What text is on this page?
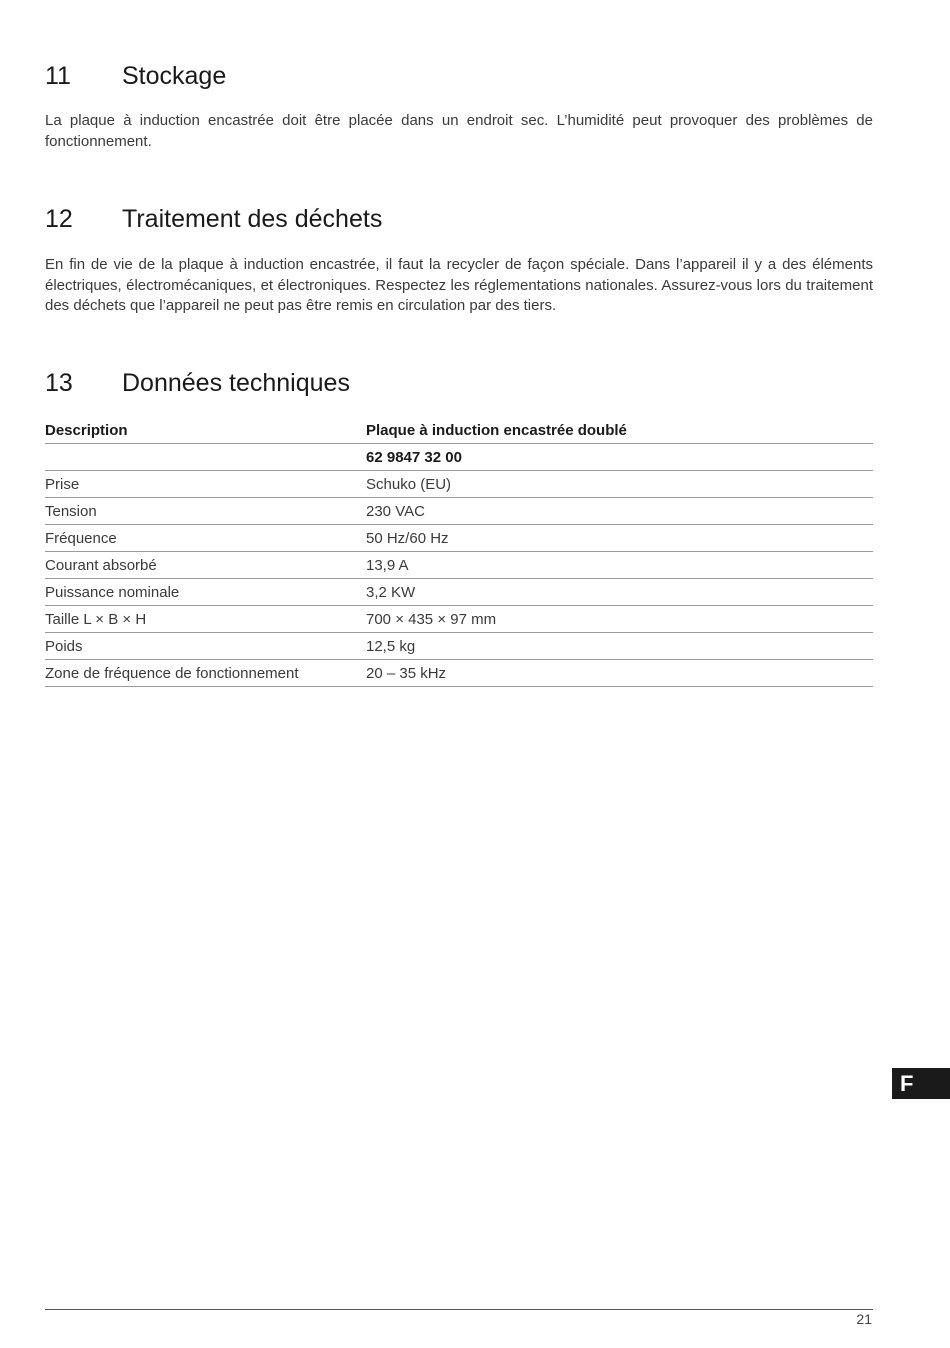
11	Stockage

La plaque à induction encastrée doit être placée dans un endroit sec. L’humidité peut provoquer des problèmes de fonctionnement.

12	Traitement des déchets

En fin de vie de la plaque à induction encastrée, il faut la recycler de façon spéciale. Dans l’appareil il y a des éléments électriques, électromécaniques, et électroniques. Respectez les réglementations nationales. Assurez-vous lors du traitement des déchets que l’appareil ne peut pas être remis en circulation par des tiers.

13	Données techniques
Description	Plaque à induction encastrée doublé
	62 9847 32 00
Prise	Schuko (EU)
Tension	230 VAC
Fréquence	50 Hz/60 Hz
Courant absorbé	13,9 A
Puissance nominale	3,2 KW
Taille L × B × H	700 × 435 × 97 mm
Poids	12,5 kg
Zone de fréquence de fonctionnement	20 – 35 kHz
F
21
